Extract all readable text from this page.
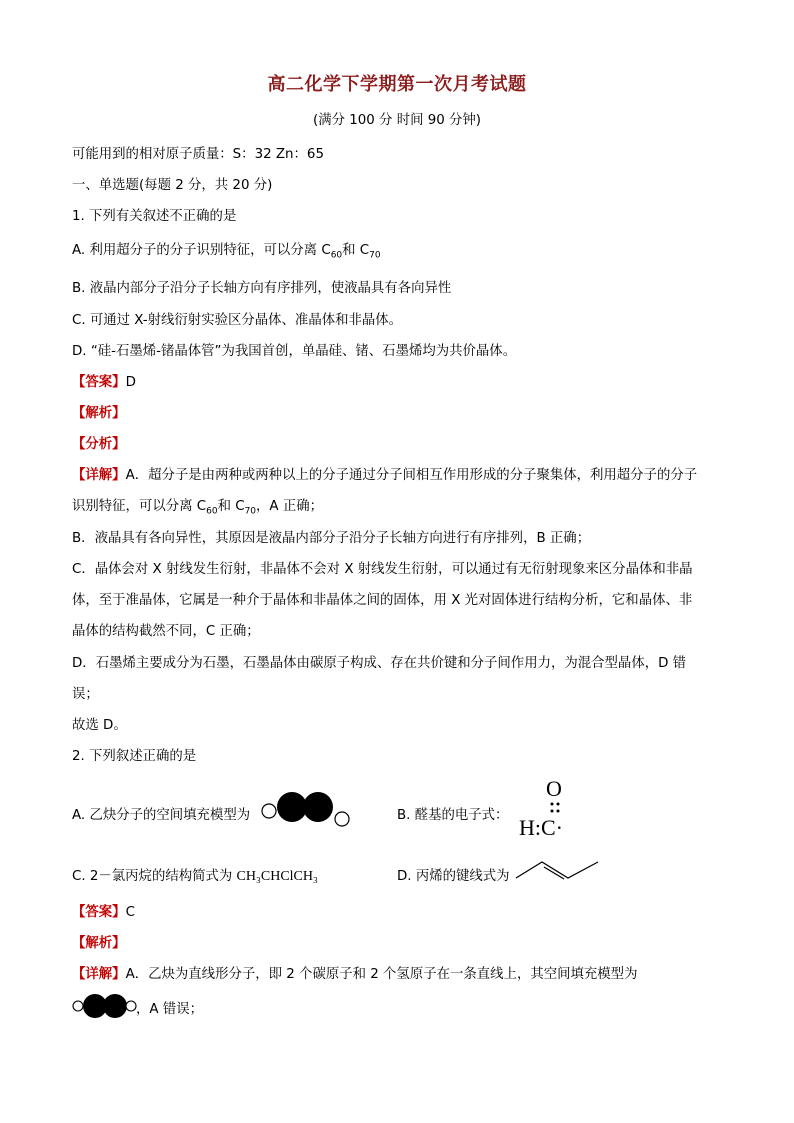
高二化学下学期第一次月考试题
(满分 100 分 时间 90 分钟)
可能用到的相对原子质量：S：32 Zn：65
一、单选题(每题 2 分，共 20 分)
1. 下列有关叙述不正确的是
A. 利用超分子的分子识别特征，可以分离 $C_{60}$和 $C_{70}$
B. 液晶内部分子沿分子长轴方向有序排列，使液晶具有各向异性
C. 可通过 X-射线衍射实验区分晶体、准晶体和非晶体。
D. “硅-石墨烯-锗晶体管”为我国首创，单晶硅、锗、石墨烯均为共价晶体。
【答案】D
【解析】
【分析】
【详解】A．超分子是由两种或两种以上的分子通过分子间相互作用形成的分子聚集体，利用超分子的分子
识别特征，可以分离 $C_{60}$和 $C_{70}$，A 正确；
B．液晶具有各向异性，其原因是液晶内部分子沿分子长轴方向进行有序排列，B 正确；
C．晶体会对 X 射线发生衍射，非晶体不会对 X 射线发生衍射，可以通过有无衍射现象来区分晶体和非晶
体，至于准晶体，它属是一种介于晶体和非晶体之间的固体，用 X 光对固体进行结构分析，它和晶体、非
晶体的结构截然不同，C 正确；
D．石墨烯主要成分为石墨，石墨晶体由碳原子构成、存在共价键和分子间作用力，为混合型晶体，D 错
误；
故选 D。
2. 下列叙述正确的是
A. 乙炔分子的空间填充模型为	B. 醛基的电子式：
O
H:C·
C. 2－氯丙烷的结构简式为 CH₃CHClCH₃	D. 丙烯的键线式为
【答案】C
【解析】
【详解】A．乙炔为直线形分子，即 2 个碳原子和 2 个氢原子在一条直线上，其空间填充模型为
，A 错误；
